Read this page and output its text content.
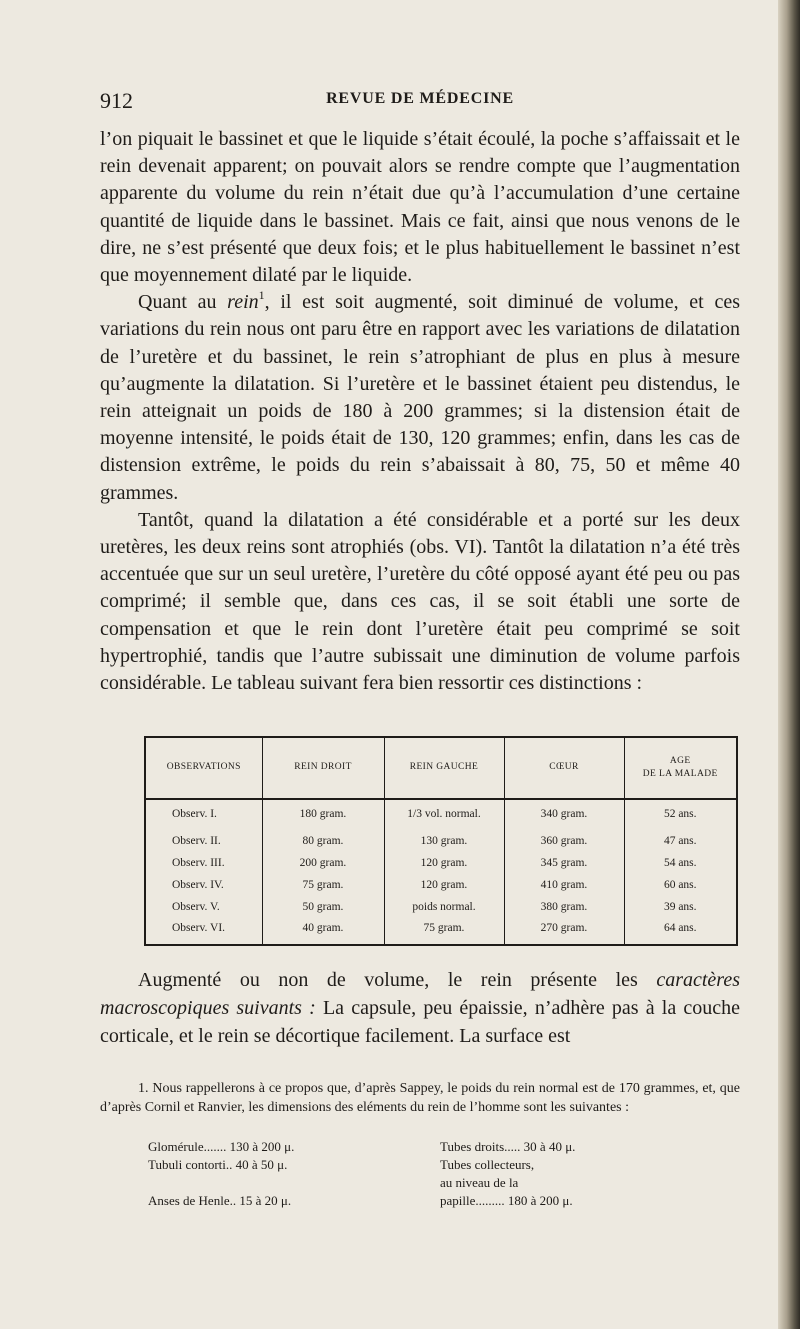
912	REVUE DE MÉDECINE

l’on piquait le bassinet et que le liquide s’était écoulé, la poche s’affaissait et le rein devenait apparent; on pouvait alors se rendre compte que l’augmentation apparente du volume du rein n’était due qu’à l’accumulation d’une certaine quantité de liquide dans le bassinet. Mais ce fait, ainsi que nous venons de le dire, ne s’est présenté que deux fois; et le plus habituellement le bassinet n’est que moyennement dilaté par le liquide.

Quant au rein$^1$, il est soit augmenté, soit diminué de volume, et ces variations du rein nous ont paru être en rapport avec les variations de dilatation de l’uretère et du bassinet, le rein s’atrophiant de plus en plus à mesure qu’augmente la dilatation. Si l’uretère et le bassinet étaient peu distendus, le rein atteignait un poids de 180 à 200 grammes; si la distension était de moyenne intensité, le poids était de 130, 120 grammes; enfin, dans les cas de distension extrême, le poids du rein s’abaissait à 80, 75, 50 et même 40 grammes.

Tantôt, quand la dilatation a été considérable et a porté sur les deux uretères, les deux reins sont atrophiés (obs. VI). Tantôt la dilatation n’a été très accentuée que sur un seul uretère, l’uretère du côté opposé ayant été peu ou pas comprimé; il semble que, dans ces cas, il se soit établi une sorte de compensation et que le rein dont l’uretère était peu comprimé se soit hypertrophié, tandis que l’autre subissait une diminution de volume parfois considérable. Le tableau suivant fera bien ressortir ces distinctions :

OBSERVATIONS	REIN DROIT	REIN GAUCHE	CŒUR	AGE
DE LA MALADE
Observ. I.	180 gram.	1/3 vol. normal.	340 gram.	52 ans.
Observ. II.	80 gram.	130 gram.	360 gram.	47 ans.
Observ. III.	200 gram.	120 gram.	345 gram.	54 ans.
Observ. IV.	75 gram.	120 gram.	410 gram.	60 ans.
Observ. V.	50 gram.	poids normal.	380 gram.	39 ans.
Observ. VI.	40 gram.	75 gram.	270 gram.	64 ans.

Augmenté ou non de volume, le rein présente les caractères macroscopiques suivants : La capsule, peu épaissie, n’adhère pas à la couche corticale, et le rein se décortique facilement. La surface est

1. Nous rappellerons à ce propos que, d’après Sappey, le poids du rein normal est de 170 grammes, et, que d’après Cornil et Ranvier, les dimensions des eléments du rein de l’homme sont les suivantes :

Glomérule....... 130 à 200 μ.
Tubuli contorti.. 40 à 50 μ.
Anses de Henle.. 15 à 20 μ.
Tubes droits..... 30 à 40 μ.
Tubes collecteurs,
au niveau de la
papille......... 180 à 200 μ.
